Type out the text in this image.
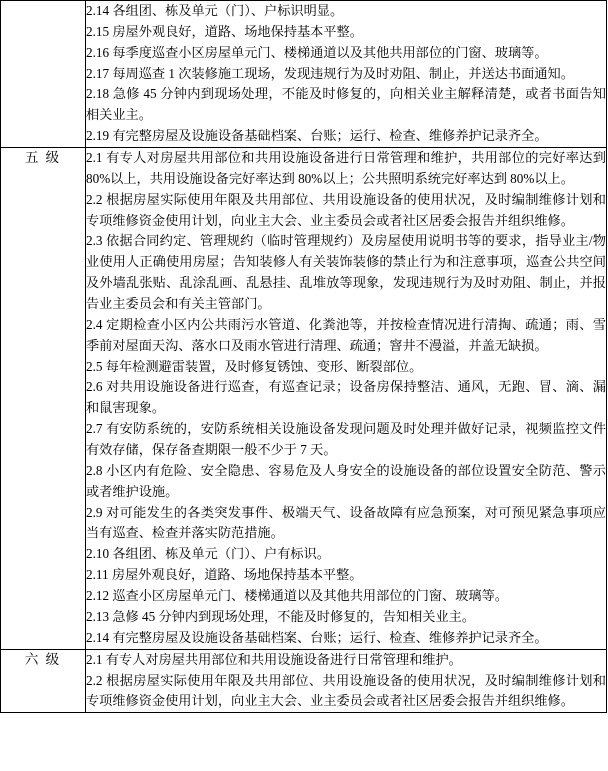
2.14 各组团、栋及单元（门）、户标识明显。

2.15 房屋外观良好，道路、场地保持基本平整。

2.16 每季度巡查小区房屋单元门、楼梯通道以及其他共用部位的门窗、玻璃等。

2.17 每周巡查 1 次装修施工现场，发现违规行为及时劝阻、制止，并送达书面通知。

2.18 急修 45 分钟内到现场处理，不能及时修复的，向相关业主解释清楚，或者书面告知相关业主。

2.19 有完整房屋及设施设备基础档案、台账；运行、检查、维修养护记录齐全。

五 级	2.1 有专人对房屋共用部位和共用设施设备进行日常管理和维护，共用部位的完好率达到 80%以上，共用设施设备完好率达到 80%以上；公共照明系统完好率达到 80%以上。

2.2 根据房屋实际使用年限及共用部位、共用设施设备的使用状况，及时编制维修计划和专项维修资金使用计划，向业主大会、业主委员会或者社区居委会报告并组织维修。

2.3 依据合同约定、管理规约（临时管理规约）及房屋使用说明书等的要求，指导业主/物业使用人正确使用房屋；告知装修人有关装饰装修的禁止行为和注意事项，巡查公共空间及外墙乱张贴、乱涂乱画、乱悬挂、乱堆放等现象，发现违规行为及时劝阻、制止，并报告业主委员会和有关主管部门。

2.4 定期检查小区内公共雨污水管道、化粪池等，并按检查情况进行清掏、疏通；雨、雪季前对屋面天沟、落水口及雨水管进行清理、疏通；窨井不漫溢，并盖无缺损。

2.5 每年检测避雷装置，及时修复锈蚀、变形、断裂部位。

2.6 对共用设施设备进行巡查，有巡查记录；设备房保持整洁、通风，无跑、冒、滴、漏和鼠害现象。

2.7 有安防系统的，安防系统相关设施设备发现问题及时处理并做好记录，视频监控文件有效存储，保存备查期限一般不少于 7 天。

2.8 小区内有危险、安全隐患、容易危及人身安全的设施设备的部位设置安全防范、警示或者维护设施。

2.9 对可能发生的各类突发事件、极端天气、设备故障有应急预案，对可预见紧急事项应当有巡查、检查并落实防范措施。

2.10 各组团、栋及单元（门）、户有标识。

2.11 房屋外观良好，道路、场地保持基本平整。

2.12 巡查小区房屋单元门、楼梯通道以及其他共用部位的门窗、玻璃等。

2.13 急修 45 分钟内到现场处理，不能及时修复的，告知相关业主。

2.14 有完整房屋及设施设备基础档案、台账；运行、检查、维修养护记录齐全。

六 级	2.1 有专人对房屋共用部位和共用设施设备进行日常管理和维护。

2.2 根据房屋实际使用年限及共用部位、共用设施设备的使用状况，及时编制维修计划和专项维修资金使用计划，向业主大会、业主委员会或者社区居委会报告并组织维修。
